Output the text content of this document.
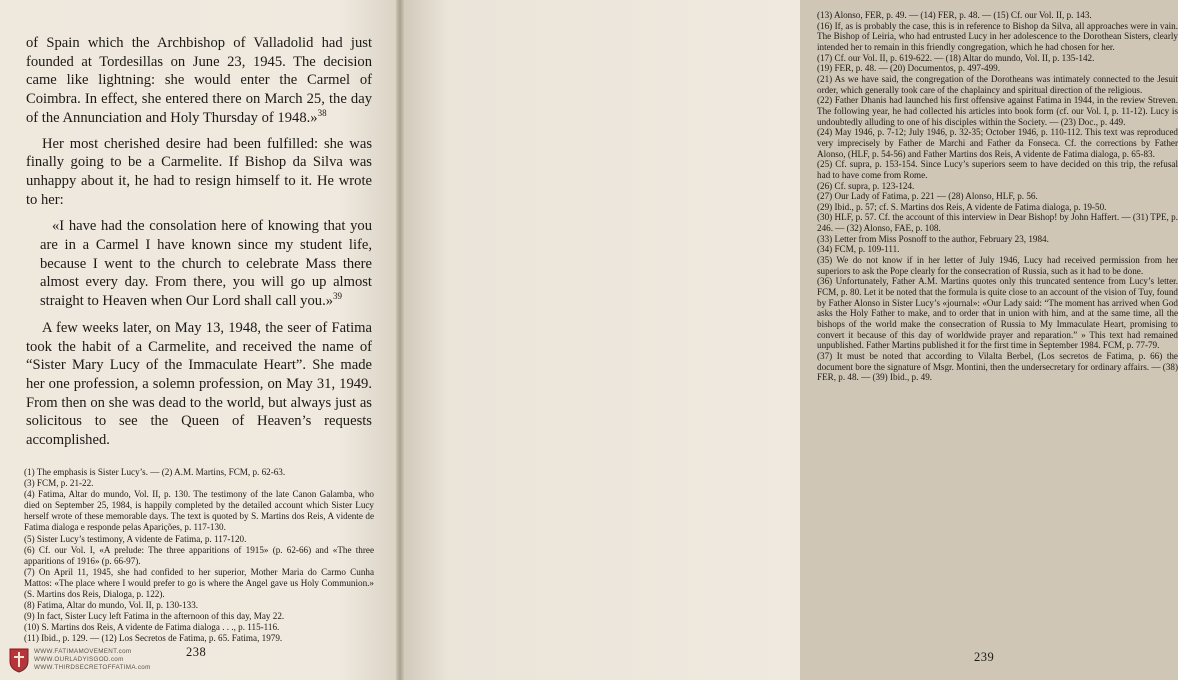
of Spain which the Archbishop of Valladolid had just founded at Tordesillas on June 23, 1945. The decision came like lightning: she would enter the Carmel of Coimbra. In effect, she entered there on March 25, the day of the Annunciation and Holy Thursday of 1948.»$^{38}$

Her most cherished desire had been fulfilled: she was finally going to be a Carmelite. If Bishop da Silva was unhappy about it, he had to resign himself to it. He wrote to her:

«I have had the consolation here of knowing that you are in a Carmel I have known since my student life, because I went to the church to celebrate Mass there almost every day. From there, you will go up almost straight to Heaven when Our Lord shall call you.»$^{39}$

A few weeks later, on May 13, 1948, the seer of Fatima took the habit of a Carmelite, and received the name of “Sister Mary Lucy of the Immaculate Heart”. She made her one profession, a solemn profession, on May 31, 1949. From then on she was dead to the world, but always just as solicitous to see the Queen of Heaven’s requests accomplished.

(1) The emphasis is Sister Lucy’s. — (2) A.M. Martins, FCM, p. 62-63.

(3) FCM, p. 21-22.

(4) Fatima, Altar do mundo, Vol. II, p. 130. The testimony of the late Canon Galamba, who died on September 25, 1984, is happily completed by the detailed account which Sister Lucy herself wrote of these memorable days. The text is quoted by S. Martins dos Reis, A vidente de Fatima dialoga e responde pelas Aparições, p. 117-130.

(5) Sister Lucy’s testimony, A vidente de Fatima, p. 117-120.

(6) Cf. our Vol. I, «A prelude: The three apparitions of 1915» (p. 62-66) and «The three apparitions of 1916» (p. 66-97).

(7) On April 11, 1945, she had confided to her superior, Mother Maria do Carmo Cunha Mattos: «The place where I would prefer to go is where the Angel gave us Holy Communion.» (S. Martins dos Reis, Dialoga, p. 122).

(8) Fatima, Altar do mundo, Vol. II, p. 130-133.

(9) In fact, Sister Lucy left Fatima in the afternoon of this day, May 22.

(10) S. Martins dos Reis, A vidente de Fatima dialoga . . ., p. 115-116.

(11) Ibid., p. 129. — (12) Los Secretos de Fatima, p. 65. Fatima, 1979.

238
WWW.FATIMAMOVEMENT.com
WWW.OURLADYISGOD.com
WWW.THIRDSECRETOFFATIMA.com

(13) Alonso, FER, p. 49. — (14) FER, p. 48. — (15) Cf. our Vol. II, p. 143.

(16) If, as is probably the case, this is in reference to Bishop da Silva, all approaches were in vain. The Bishop of Leiria, who had entrusted Lucy in her adolescence to the Dorothean Sisters, clearly intended her to remain in this friendly congregation, which he had chosen for her.

(17) Cf. our Vol. II, p. 619-622. — (18) Altar do mundo, Vol. II, p. 135-142.

(19) FER, p. 48. — (20) Documentos, p. 497-499.

(21) As we have said, the congregation of the Dorotheans was intimately connected to the Jesuit order, which generally took care of the chaplaincy and spiritual direction of the religious.

(22) Father Dhanis had launched his first offensive against Fatima in 1944, in the review Streven. The following year, he had collected his articles into book form (cf. our Vol. I, p. 11-12). Lucy is undoubtedly alluding to one of his disciples within the Society. — (23) Doc., p. 449.

(24) May 1946, p. 7-12; July 1946, p. 32-35; October 1946, p. 110-112. This text was reproduced very imprecisely by Father de Marchi and Father da Fonseca. Cf. the corrections by Father Alonso, (HLF, p. 54-56) and Father Martins dos Reis, A vidente de Fatima dialoga, p. 65-83.

(25) Cf. supra, p. 153-154. Since Lucy’s superiors seem to have decided on this trip, the refusal had to have come from Rome.

(26) Cf. supra, p. 123-124.

(27) Our Lady of Fatima, p. 221 — (28) Alonso, HLF, p. 56.

(29) Ibid., p. 57; cf. S. Martins dos Reis, A vidente de Fatima dialoga, p. 19-50.

(30) HLF, p. 57. Cf. the account of this interview in Dear Bishop! by John Haffert. — (31) TPE, p. 246. — (32) Alonso, FAE, p. 108.

(33) Letter from Miss Posnoff to the author, February 23, 1984.

(34) FCM, p. 109-111.

(35) We do not know if in her letter of July 1946, Lucy had received permission from her superiors to ask the Pope clearly for the consecration of Russia, such as it had to be done.

(36) Unfortunately, Father A.M. Martins quotes only this truncated sentence from Lucy’s letter. FCM, p. 80. Let it be noted that the formula is quite close to an account of the vision of Tuy, found by Father Alonso in Sister Lucy’s «journal»: «Our Lady said: “The moment has arrived when God asks the Holy Father to make, and to order that in union with him, and at the same time, all the bishops of the world make the consecration of Russia to My Immaculate Heart, promising to convert it because of this day of worldwide prayer and reparation.” » This text had remained unpublished. Father Martins published it for the first time in September 1984. FCM, p. 77-79.

(37) It must be noted that according to Vilalta Berbel, (Los secretos de Fatima, p. 66) the document bore the signature of Msgr. Montini, then the undersecretary for ordinary affairs. — (38) FER, p. 48. — (39) Ibid., p. 49.

239
